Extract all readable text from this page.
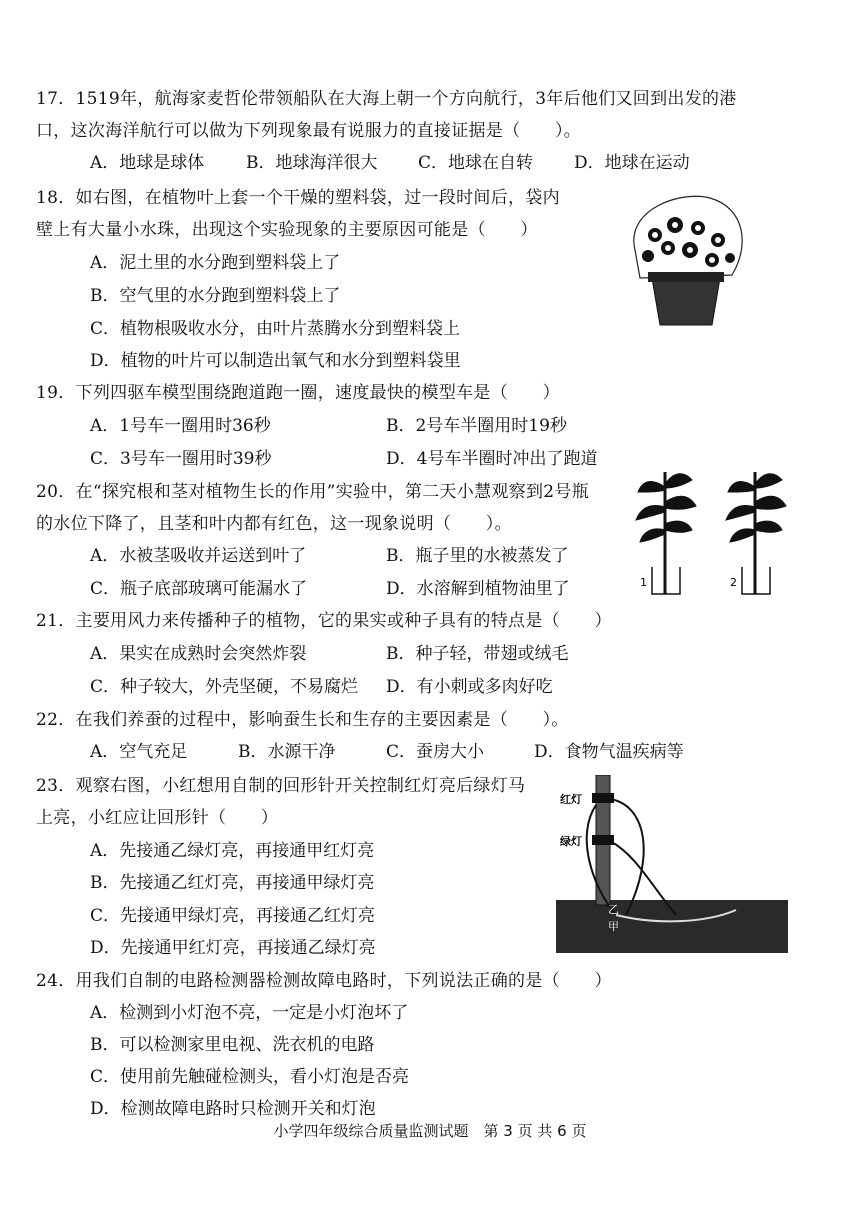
17．1519年，航海家麦哲伦带领船队在大海上朝一个方向航行，3年后他们又回到出发的港
口，这次海洋航行可以做为下列现象最有说服力的直接证据是（　　）。
A．地球是球体 B．地球海洋很大 C．地球在自转 D．地球在运动
18．如右图，在植物叶上套一个干燥的塑料袋，过一段时间后，袋内
壁上有大量小水珠，出现这个实验现象的主要原因可能是（　　）
A．泥土里的水分跑到塑料袋上了
B．空气里的水分跑到塑料袋上了
C．植物根吸收水分，由叶片蒸腾水分到塑料袋上
D．植物的叶片可以制造出氧气和水分到塑料袋里
19．下列四驱车模型围绕跑道跑一圈，速度最快的模型车是（　　）
A．1号车一圈用时36秒	B．2号车半圈用时19秒
C．3号车一圈用时39秒	D．4号车半圈时冲出了跑道
20．在“探究根和茎对植物生长的作用”实验中，第二天小慧观察到2号瓶
的水位下降了，且茎和叶内都有红色，这一现象说明（　　）。
A．水被茎吸收并运送到叶了	B．瓶子里的水被蒸发了
C．瓶子底部玻璃可能漏水了	D．水溶解到植物油里了	1	2
21．主要用风力来传播种子的植物，它的果实或种子具有的特点是（　　）
A．果实在成熟时会突然炸裂	B．种子轻，带翅或绒毛
C．种子较大，外壳坚硬，不易腐烂 D．有小刺或多肉好吃
22．在我们养蚕的过程中，影响蚕生长和生存的主要因素是（　　）。
A．空气充足	B．水源干净	C．蚕房大小	D．食物气温疾病等
23．观察右图，小红想用自制的回形针开关控制红灯亮后绿灯马
上亮，小红应让回形针（　　）
A．先接通乙绿灯亮，再接通甲红灯亮
B．先接通乙红灯亮，再接通甲绿灯亮
C．先接通甲绿灯亮，再接通乙红灯亮
D．先接通甲红灯亮，再接通乙绿灯亮
红灯
绿灯
乙
甲
24．用我们自制的电路检测器检测故障电路时，下列说法正确的是（　　）
A．检测到小灯泡不亮，一定是小灯泡坏了
B．可以检测家里电视、洗衣机的电路
C．使用前先触碰检测头，看小灯泡是否亮
D．检测故障电路时只检测开关和灯泡
小学四年级综合质量监测试题　第 3 页 共 6 页
